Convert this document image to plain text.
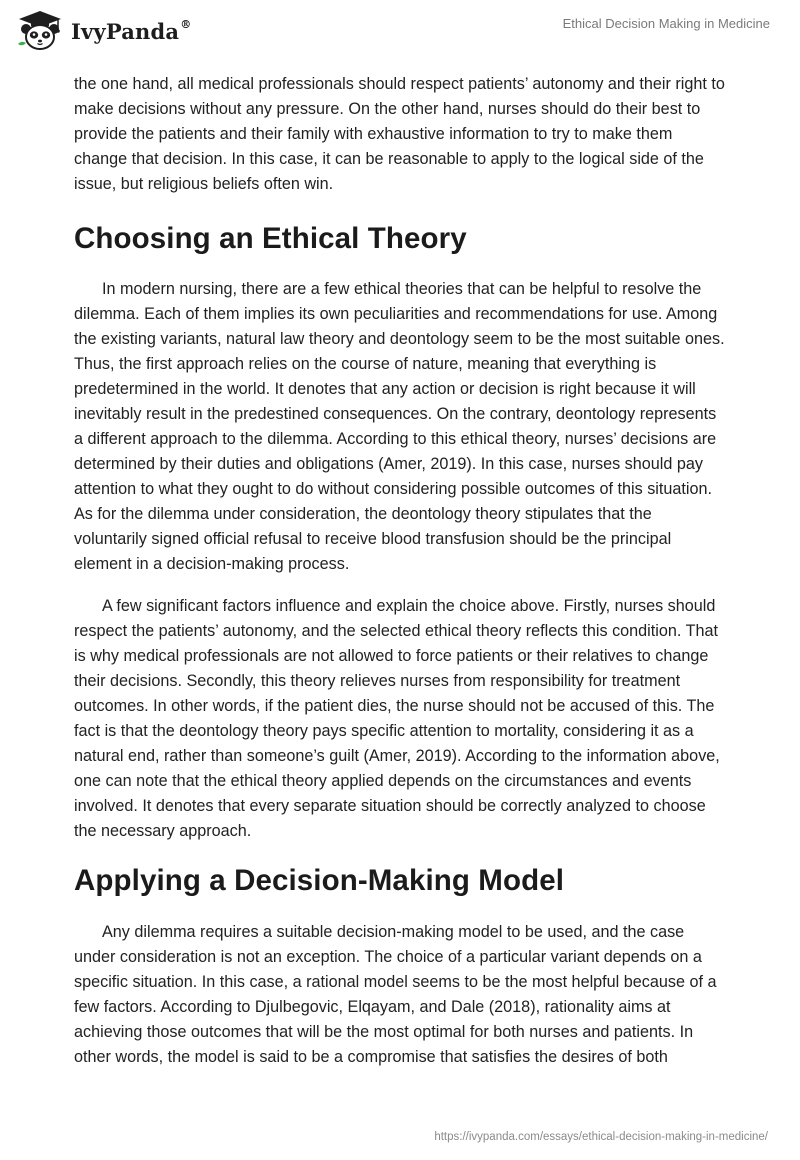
IvyPanda®	Ethical Decision Making in Medicine

the one hand, all medical professionals should respect patients’ autonomy and their right to make decisions without any pressure. On the other hand, nurses should do their best to provide the patients and their family with exhaustive information to try to make them change that decision. In this case, it can be reasonable to apply to the logical side of the issue, but religious beliefs often win.

Choosing an Ethical Theory

In modern nursing, there are a few ethical theories that can be helpful to resolve the dilemma. Each of them implies its own peculiarities and recommendations for use. Among the existing variants, natural law theory and deontology seem to be the most suitable ones. Thus, the first approach relies on the course of nature, meaning that everything is predetermined in the world. It denotes that any action or decision is right because it will inevitably result in the predestined consequences. On the contrary, deontology represents a different approach to the dilemma. According to this ethical theory, nurses’ decisions are determined by their duties and obligations (Amer, 2019). In this case, nurses should pay attention to what they ought to do without considering possible outcomes of this situation. As for the dilemma under consideration, the deontology theory stipulates that the voluntarily signed official refusal to receive blood transfusion should be the principal element in a decision-making process.

A few significant factors influence and explain the choice above. Firstly, nurses should respect the patients’ autonomy, and the selected ethical theory reflects this condition. That is why medical professionals are not allowed to force patients or their relatives to change their decisions. Secondly, this theory relieves nurses from responsibility for treatment outcomes. In other words, if the patient dies, the nurse should not be accused of this. The fact is that the deontology theory pays specific attention to mortality, considering it as a natural end, rather than someone’s guilt (Amer, 2019). According to the information above, one can note that the ethical theory applied depends on the circumstances and events involved. It denotes that every separate situation should be correctly analyzed to choose the necessary approach.

Applying a Decision-Making Model

Any dilemma requires a suitable decision-making model to be used, and the case under consideration is not an exception. The choice of a particular variant depends on a specific situation. In this case, a rational model seems to be the most helpful because of a few factors. According to Djulbegovic, Elqayam, and Dale (2018), rationality aims at achieving those outcomes that will be the most optimal for both nurses and patients. In other words, the model is said to be a compromise that satisfies the desires of both

https://ivypanda.com/essays/ethical-decision-making-in-medicine/
